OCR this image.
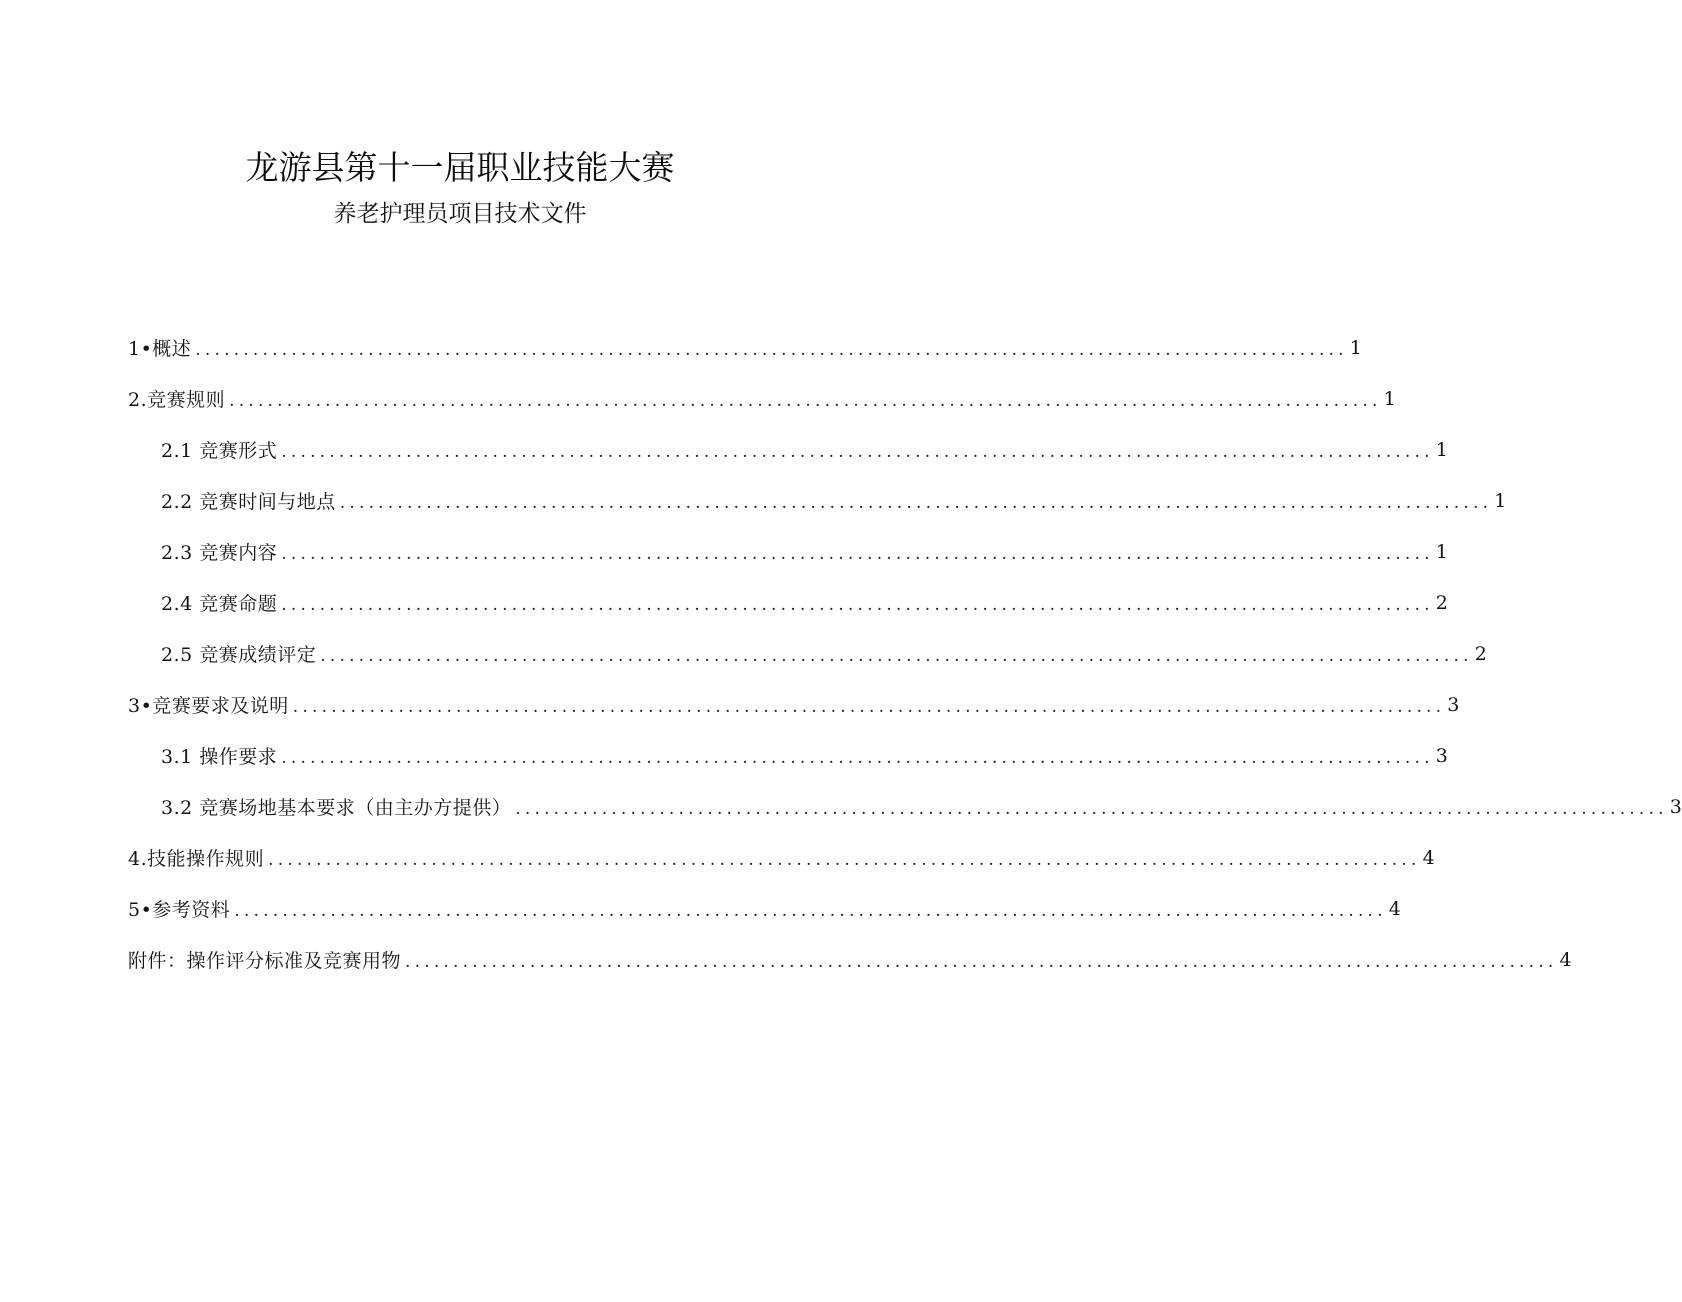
龙游县第十一届职业技能大赛
养老护理员项目技术文件
1•概述 ........................................................................................................................ 1
2.竞赛规则 ........................................................................................................................ 1
2.1 竞赛形式 ........................................................................................................................ 1
2.2 竞赛时间与地点 ........................................................................................................................ 1
2.3 竞赛内容 ........................................................................................................................ 1
2.4 竞赛命题 ........................................................................................................................ 2
2.5 竞赛成绩评定 ........................................................................................................................ 2
3•竞赛要求及说明 ........................................................................................................................ 3
3.1 操作要求 ........................................................................................................................ 3
3.2 竞赛场地基本要求（由主办方提供） ........................................................................................................................ 3
4.技能操作规则 ........................................................................................................................ 4
5•参考资料 ........................................................................................................................ 4
附件：操作评分标准及竞赛用物 ........................................................................................................................ 4
